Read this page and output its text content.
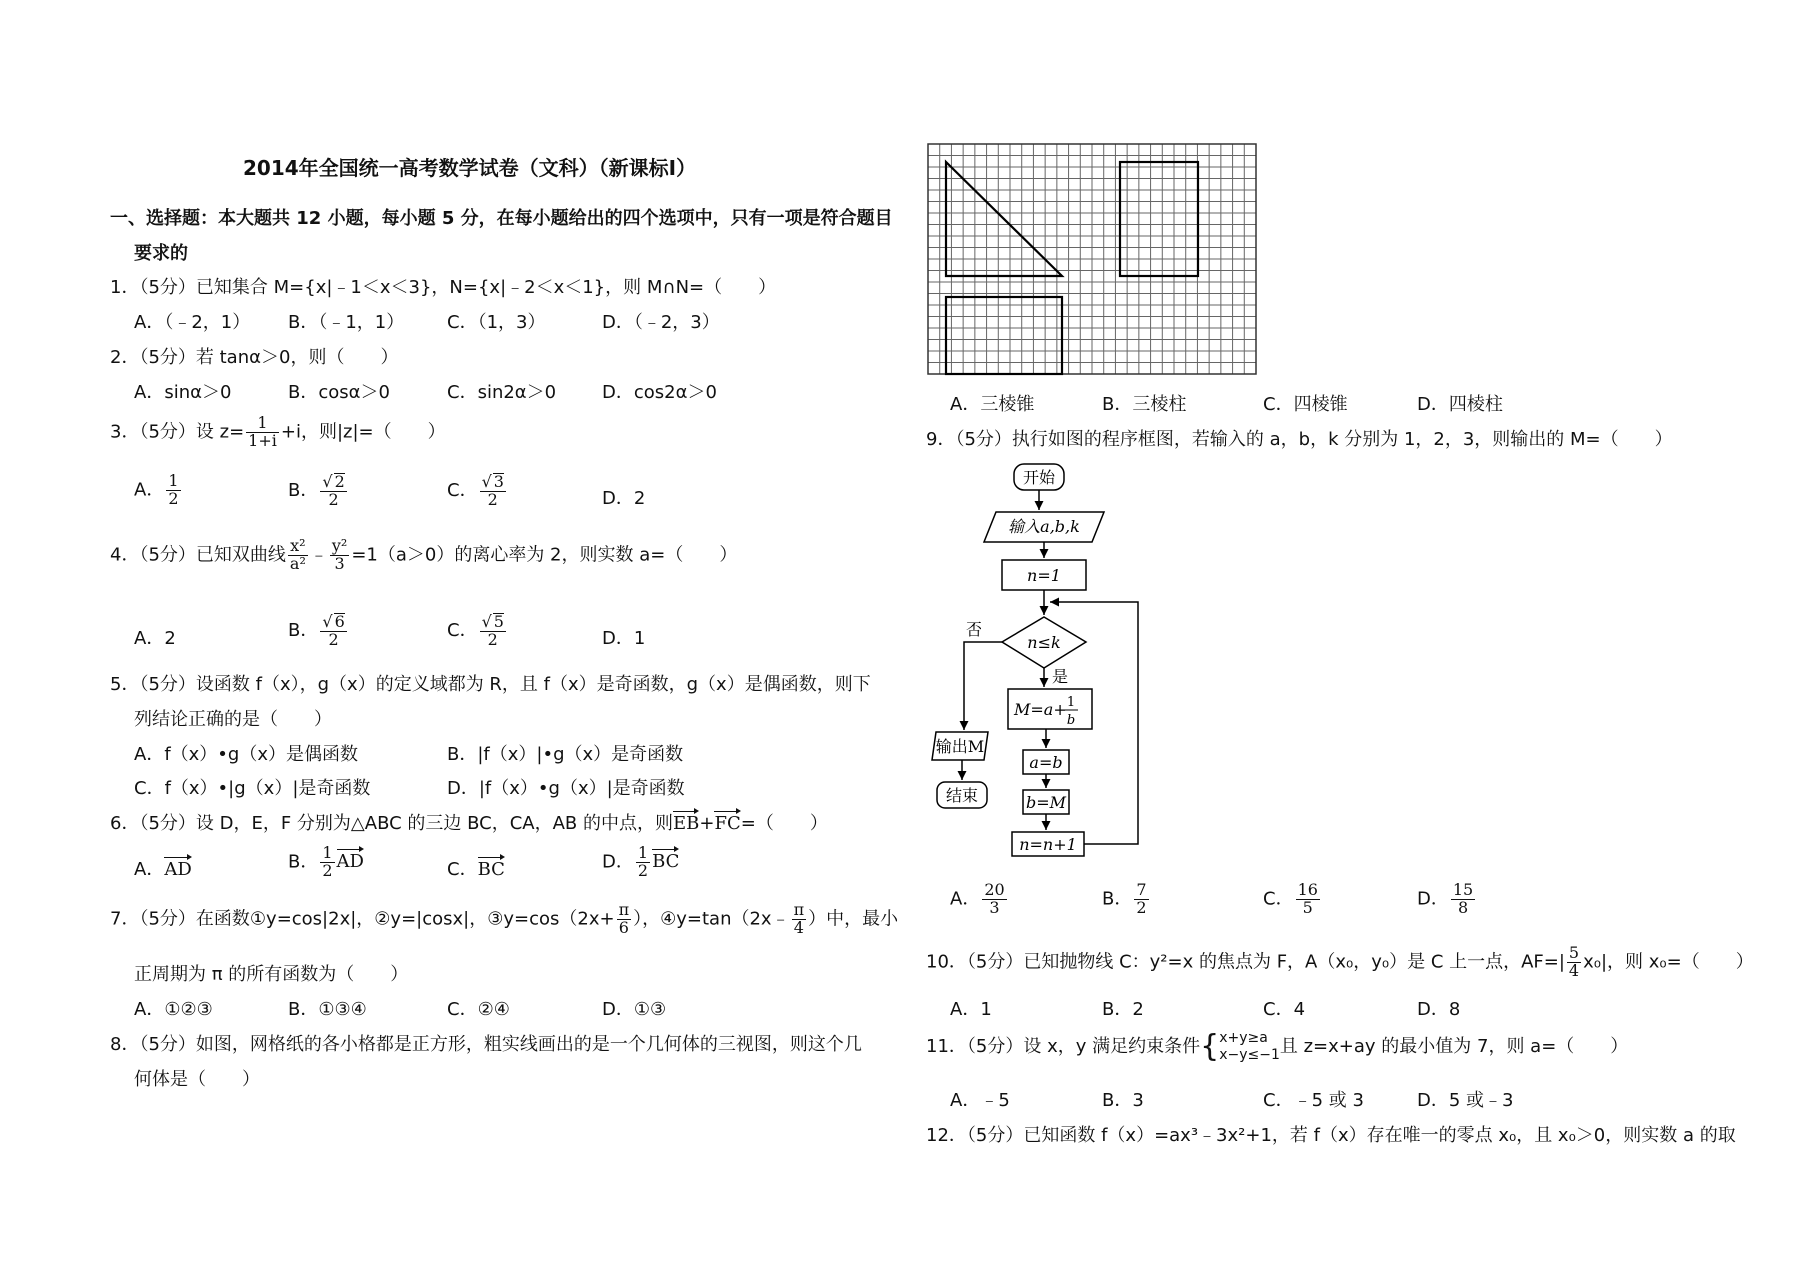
2014年全国统一高考数学试卷（文科）（新课标I）
一、选择题：本大题共 12 小题，每小题 5 分，在每小题给出的四个选项中，只有一项是符合题目
要求的
1．（5分）已知集合 M={x|﹣1＜x＜3}，N={x|﹣2＜x＜1}，则 M∩N=（　　）
A．（﹣2，1） B．（﹣1，1） C．（1，3）	D．（﹣2，3）
2．（5分）若 tanα＞0，则（　　）
A．sinα＞0	B．cosα＞0	C．sin2α＞0	D．cos2α＞0
3．（5分）设 $z= \frac{1}{1+i} +i$，则|z|=（　　）
A． $\frac{1}{2}$	B． $\frac{√ 2}{2}$	C． $\frac{√ 3}{2}$	D．2
4．（5分）已知双曲线 $\frac{\text{x²}}{\text{a²}}$ ﹣ $\frac{\text{y²}}{3} =1(a>0)$的离心率为 2，则实数 a=（　　）
A．2	B． $\frac{√ 6}{2}$	C． $\frac{√ 5}{2}$	D．1
5．（5分）设函数 f（x），g（x）的定义域都为 R，且 f（x）是奇函数，g（x）是偶函数，则下
列结论正确的是（　　）
A．f（x）•g（x）是偶函数	B．|f（x）|•g（x）是奇函数
C．f（x）•|g（x）|是奇函数	D．|f（x）•g（x）|是奇函数
6．（5分）设 D，E，F 分别为△ABC 的三边 BC，CA，AB 的中点，则EB+FC=（　　）
A．AD	B． $\frac{1}{2}$ AD	C．BC	D． $\frac{1}{2}$ BC
7．（5分）在函数①y=cos|2x|，②y=|cosx|，③y=cos（2x+ $\frac{\pi}{6}$ ），④y=tan（2x﹣ $\frac{\pi}{4}$ ）中，最小
正周期为 π 的所有函数为（　　）
A．①②③	B．①③④	C．②④	D．①③
8．（5分）如图，网格纸的各小格都是正方形，粗实线画出的是一个几何体的三视图，则这个几
何体是（　　）
A．三棱锥	B．三棱柱	C．四棱锥	D．四棱柱
9．（5分）执行如图的程序框图，若输入的 a，b，k 分别为 1，2，3，则输出的 M=（　　）
开始
输入a,b,k
n=1
n≤k
否
是
M=a+ 1
b
a=b
b=M
n=n+1
输出M
结束
A． $\frac{20}{3}$	B． $\frac{7}{2}$	C． $\frac{16}{5}$	D． $\frac{15}{8}$
10．（5分）已知抛物线 C：y²=x 的焦点为 F，A（x₀，y₀）是 C 上一点，$AF=| \frac{5}{4} x_0|$，则 x₀=（　　）
A．1	B．2	C．4	D．8
11．（5分）设 x，y 满足约束条件{ x+y≥a
x−y≤−1 且 z=x+ay 的最小值为 7，则 a=（　　）
A．﹣5	B．3	C．﹣5 或 3	D．5 或﹣3
12．（5分）已知函数 f（x）=ax³﹣3x²+1，若 f（x）存在唯一的零点 x₀，且 x₀＞0，则实数 a 的取
